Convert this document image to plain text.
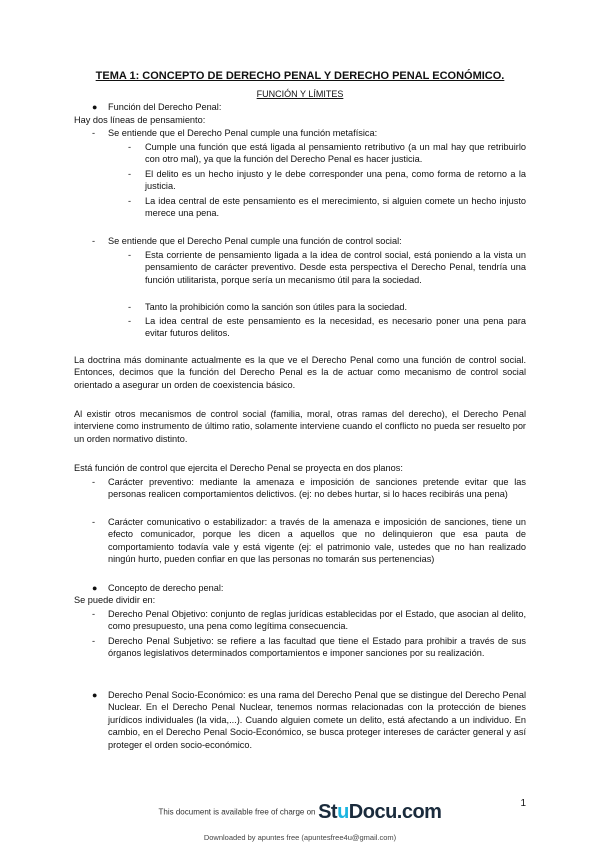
TEMA 1: CONCEPTO DE DERECHO PENAL Y DERECHO PENAL ECONÓMICO.
FUNCIÓN Y LÍMITES
● Función del Derecho Penal:
Hay dos líneas de pensamiento:
- Se entiende que el Derecho Penal cumple una función metafísica:
- Cumple una función que está ligada al pensamiento retributivo (a un mal hay que retribuirlo con otro mal), ya que la función del Derecho Penal es hacer justicia.
- El delito es un hecho injusto y le debe corresponder una pena, como forma de retorno a la justicia.
- La idea central de este pensamiento es el merecimiento, si alguien comete un hecho injusto merece una pena.
- Se entiende que el Derecho Penal cumple una función de control social:
- Esta corriente de pensamiento ligada a la idea de control social, está poniendo a la vista un pensamiento de carácter preventivo. Desde esta perspectiva el Derecho Penal, tendría una función utilitarista, porque sería un mecanismo útil para la sociedad.
- Tanto la prohibición como la sanción son útiles para la sociedad.
- La idea central de este pensamiento es la necesidad, es necesario poner una pena para evitar futuros delitos.
La doctrina más dominante actualmente es la que ve el Derecho Penal como una función de control social. Entonces, decimos que la función del Derecho Penal es la de actuar como mecanismo de control social orientado a asegurar un orden de coexistencia básico.
Al existir otros mecanismos de control social (familia, moral, otras ramas del derecho), el Derecho Penal interviene como instrumento de último ratio, solamente interviene cuando el conflicto no pueda ser resuelto por un orden normativo distinto.
Está función de control que ejercita el Derecho Penal se proyecta en dos planos:
- Carácter preventivo: mediante la amenaza e imposición de sanciones pretende evitar que las personas realicen comportamientos delictivos. (ej: no debes hurtar, si lo haces recibirás una pena)
- Carácter comunicativo o estabilizador: a través de la amenaza e imposición de sanciones, tiene un efecto comunicador, porque les dicen a aquellos que no delinquieron que esa pauta de comportamiento todavía vale y está vigente (ej: el patrimonio vale, ustedes que no han realizado ningún hurto, pueden confiar en que las personas no tomarán sus pertenencias)
● Concepto de derecho penal:
Se puede dividir en:
- Derecho Penal Objetivo: conjunto de reglas jurídicas establecidas por el Estado, que asocian al delito, como presupuesto, una pena como legítima consecuencia.
- Derecho Penal Subjetivo: se refiere a las facultad que tiene el Estado para prohibir a través de sus órganos legislativos determinados comportamientos e imponer sanciones por su realización.
● Derecho Penal Socio-Económico: es una rama del Derecho Penal que se distingue del Derecho Penal Nuclear. En el Derecho Penal Nuclear, tenemos normas relacionadas con la protección de bienes jurídicos individuales (la vida,...). Cuando alguien comete un delito, está afectando a un individuo. En cambio, en el Derecho Penal Socio-Económico, se busca proteger intereses de carácter general y así proteger el orden socio-económico.
1
This document is available free of charge on StuDocu.com
Downloaded by apuntes free (apuntesfree4u@gmail.com)
